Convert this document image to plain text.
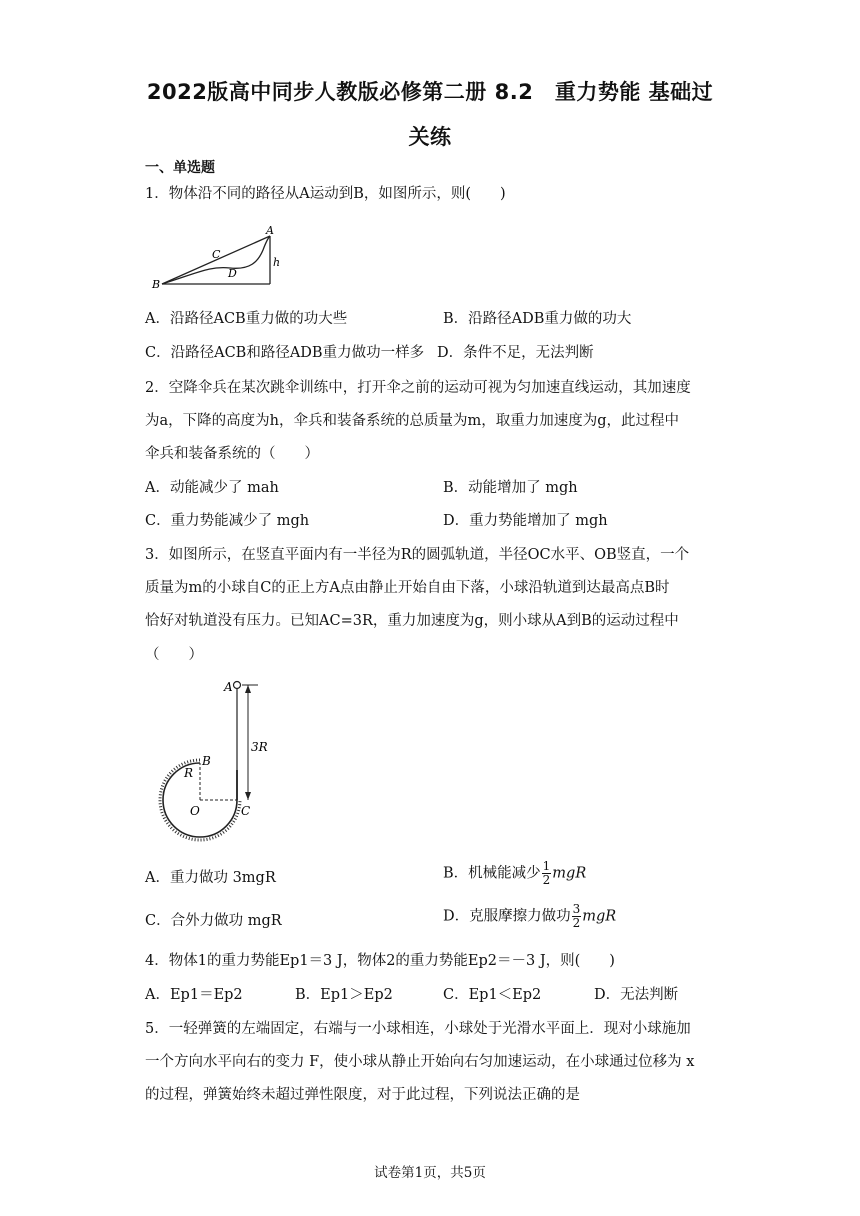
2022版高中同步人教版必修第二册 8.2　重力势能 基础过
关练
一、单选题
1．物体沿不同的路径从A运动到B，如图所示，则(　　)
A
B
C
D
h
A．沿路径ACB重力做的功大些	B．沿路径ADB重力做的功大
C．沿路径ACB和路径ADB重力做功一样多 D．条件不足，无法判断
2．空降伞兵在某次跳伞训练中，打开伞之前的运动可视为匀加速直线运动，其加速度
为a，下降的高度为h，伞兵和装备系统的总质量为m，取重力加速度为g，此过程中
伞兵和装备系统的（　　）
A．动能减少了 mah	B．动能增加了 mgh
C．重力势能减少了 mgh	D．重力势能增加了 mgh
3．如图所示，在竖直平面内有一半径为R的圆弧轨道，半径OC水平、OB竖直，一个
质量为m的小球自C的正上方A点由静止开始自由下落，小球沿轨道到达最高点B时
恰好对轨道没有压力。已知AC=3R，重力加速度为g，则小球从A到B的运动过程中
（　　）
A
B
R
3R
O	C
A．重力做功 3mgR	B．机械能减少 $\frac{1}{2}$ mgR
C．合外力做功 mgR	D．克服摩擦力做功 $\frac{3}{2}$ mgR
4．物体1的重力势能Ep1＝3 J，物体2的重力势能Ep2＝－3 J，则(　　)
A．Ep1＝Ep2	B．Ep1＞Ep2	C．Ep1＜Ep2	D．无法判断
5．一轻弹簧的左端固定，右端与一小球相连，小球处于光滑水平面上．现对小球施加
一个方向水平向右的变力 F，使小球从静止开始向右匀加速运动，在小球通过位移为 x
的过程，弹簧始终未超过弹性限度，对于此过程，下列说法正确的是
试卷第1页，共5页
